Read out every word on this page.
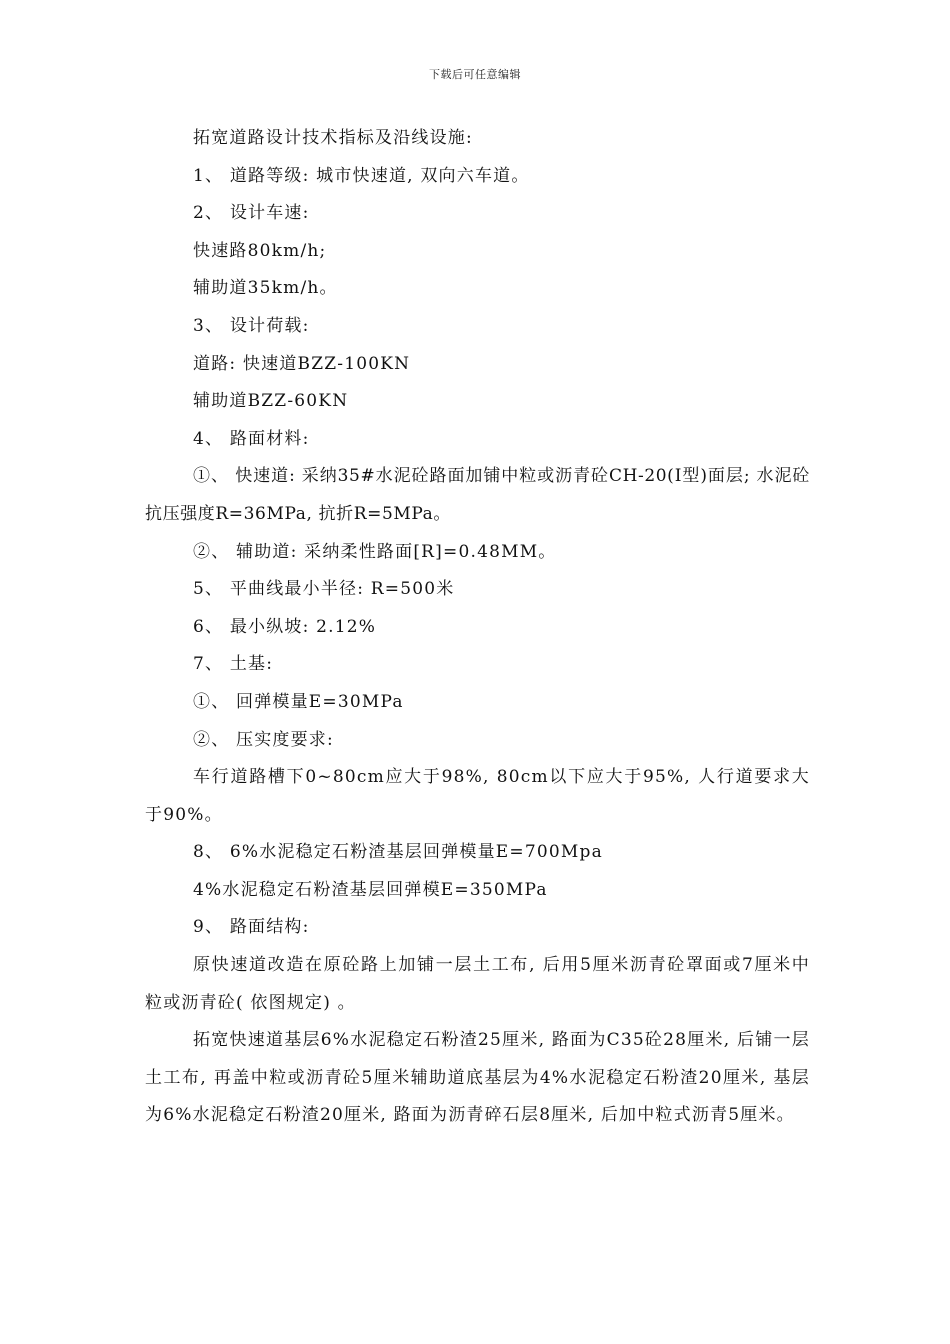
下载后可任意编辑

拓宽道路设计技术指标及沿线设施:

1、 道路等级: 城市快速道, 双向六车道。

2、 设计车速:

快速路80km/h;

辅助道35km/h。

3、 设计荷载:

道路: 快速道BZZ-100KN

辅助道BZZ-60KN

4、 路面材料:

①、 快速道: 采纳35#水泥砼路面加铺中粒或沥青砼CH-20(Ⅰ型)面层; 水泥砼抗压强度R=36MPa, 抗折R=5MPa。

②、 辅助道: 采纳柔性路面[R]=0.48MM。

5、 平曲线最小半径: R=500米

6、 最小纵坡: 2.12%

7、 土基:

①、 回弹模量E=30MPa

②、 压实度要求:

车行道路槽下0~80cm应大于98%, 80cm以下应大于95%, 人行道要求大于90%。

8、 6%水泥稳定石粉渣基层回弹模量E=700Mpa

4%水泥稳定石粉渣基层回弹模E=350MPa

9、 路面结构:

原快速道改造在原砼路上加铺一层土工布, 后用5厘米沥青砼罩面或7厘米中粒或沥青砼( 依图规定) 。

拓宽快速道基层6%水泥稳定石粉渣25厘米, 路面为C35砼28厘米, 后铺一层土工布, 再盖中粒或沥青砼5厘米辅助道底基层为4%水泥稳定石粉渣20厘米, 基层为6%水泥稳定石粉渣20厘米, 路面为沥青碎石层8厘米, 后加中粒式沥青5厘米。
